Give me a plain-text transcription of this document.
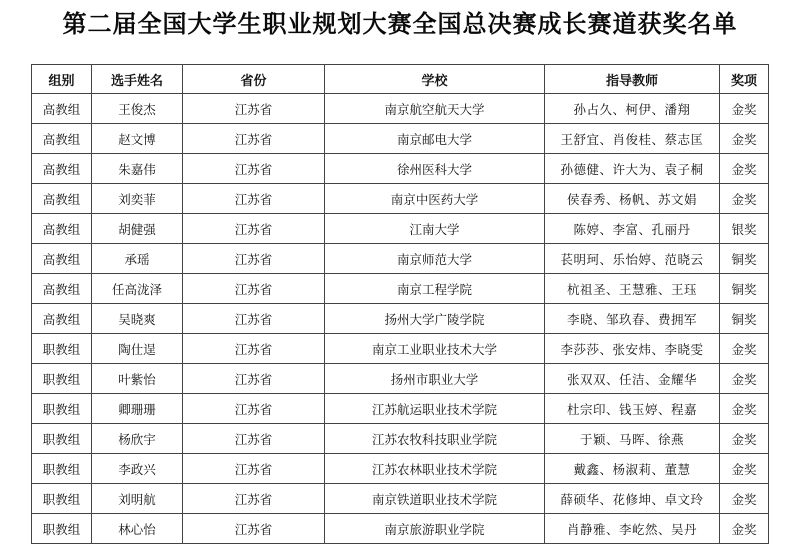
第二届全国大学生职业规划大赛全国总决赛成长赛道获奖名单
组别	选手姓名	省份	学校	指导教师	奖项
高教组	王俊杰	江苏省	南京航空航天大学	孙占久、柯伊、潘翔	金奖
高教组	赵文博	江苏省	南京邮电大学	王舒宜、肖俊桂、蔡志匡	金奖
高教组	朱嘉伟	江苏省	徐州医科大学	孙德健、许大为、袁子桐	金奖
高教组	刘奕菲	江苏省	南京中医药大学	侯春秀、杨帆、苏文娟	金奖
高教组	胡健强	江苏省	江南大学	陈婷、李富、孔丽丹	银奖
高教组	承瑶	江苏省	南京师范大学	苌明珂、乐怡婷、范晓云	铜奖
高教组	任高泷泽	江苏省	南京工程学院	杭祖圣、王慧雅、王珏	铜奖
高教组	吴晓爽	江苏省	扬州大学广陵学院	李晓、邹玖春、费拥军	铜奖
职教组	陶仕逞	江苏省	南京工业职业技术大学	李莎莎、张安炜、李晓雯	金奖
职教组	叶紫怡	江苏省	扬州市职业大学	张双双、任洁、金耀华	金奖
职教组	卿珊珊	江苏省	江苏航运职业技术学院	杜宗印、钱玉婷、程嘉	金奖
职教组	杨欣宇	江苏省	江苏农牧科技职业学院	于颖、马晖、徐燕	金奖
职教组	李政兴	江苏省	江苏农林职业技术学院	戴鑫、杨淑莉、董慧	金奖
职教组	刘明航	江苏省	南京铁道职业技术学院	薛硕华、花修坤、卓文玲	金奖
职教组	林心怡	江苏省	南京旅游职业学院	肖静雅、李屹然、吴丹	金奖
